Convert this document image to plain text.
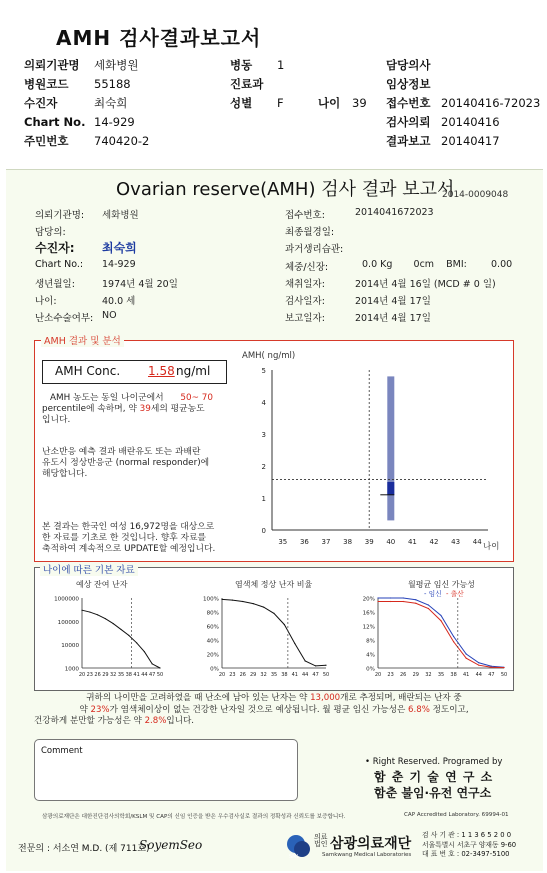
AMH 검사결과보고서
의뢰기관명 세화병원	병동 1	담당의사
병원코드 55188	진료과	임상정보
수진자	최숙희	성별 F	나이 39 접수번호 20140416-72023
Chart No. 14-929	검사의뢰 20140416
주민번호 740420-2	결과보고 20140417
Ovarian reserve(AMH) 검사 결과 보고서
2014-0009048
의뢰기관명: 세화병원
담당의:
수진자: 최숙희
Chart No.: 14-929
생년월일:	1974년 4월 20일
나이:	40.0 세
난소수술여부: NO
접수번호:	2014041672023
최종월경일:
과거생리습관:
체중/신장:	0.0 Kg       0cm    BMI:        0.00
채취일자:	2014년 4월 16일 (MCD # 0 일)
검사일자:	2014년 4월 17일
보고일자:	2014년 4월 17일
AMH 결과 및 분석
AMH Conc. 1.58 ng/ml
AMH 농도는 동일 나이군에서 50~ 70
percentile에 속하며, 약 39세의 평균농도
입니다.
난소반응 예측 결과 배란유도 또는 과배란
유도시 정상반응군 (normal responder)에
해당합니다.
본 결과는 한국인 여성 16,972명을 대상으로
한 자료를 기초로 한 것입니다. 향후 자료를
축적하여 계속적으로 UPDATE할 예정입니다.
AMH( ng/ml)
나이
0
1
2
3
4
5
35 36 37 38 39 40 41 42 43 44
나이에 따른 기본 자료
예상 잔여 난자
1000000
100000
10000
1000
20 23 26 29 32 35 38 41 44 47 50
염색체 정상 난자 비율
100%
80%
60%
40%
20%
0%
20 23 26 29 32 35 38 41 44 47 50
월평균 임신 가능성
- 임신 - 출산
20%
16%
12%
8%
4%
0%
20 23 26 29 32 35 38 41 44 47 50
귀하의 나이만을 고려하였을 때 난소에 남아 있는 난자는 약 13,000개로 추정되며, 배란되는 난자 중
약 23%가 염색체이상이 없는 건강한 난자일 것으로 예상됩니다. 월 평균 임신 가능성은 6.8% 정도이고,
건강하게 분만할 가능성은 약 2.8%입니다.
Comment
• Right Reserved. Programed by
함 춘 기 술 연 구 소
함춘 불임·유전 연구소
삼광의료재단은 대한진단검사의학회/KSLM 및 CAP의 신임 인증을 받은 우수검사실로 결과의 정확성과 신뢰도를 보증합니다.	CAP Accredited Laboratory. 69994-01
전문의 : 서소연 M.D. (제 711호)
SoyemSeo
SML
의료
법인 삼광의료재단
Samkwang Medical Laboratories
검 사 기 관 : 1 1 3 6 5 2 0 0
서울특별시 서초구 양재동 9-60
대 표 번 호 : 02-3497-5100
